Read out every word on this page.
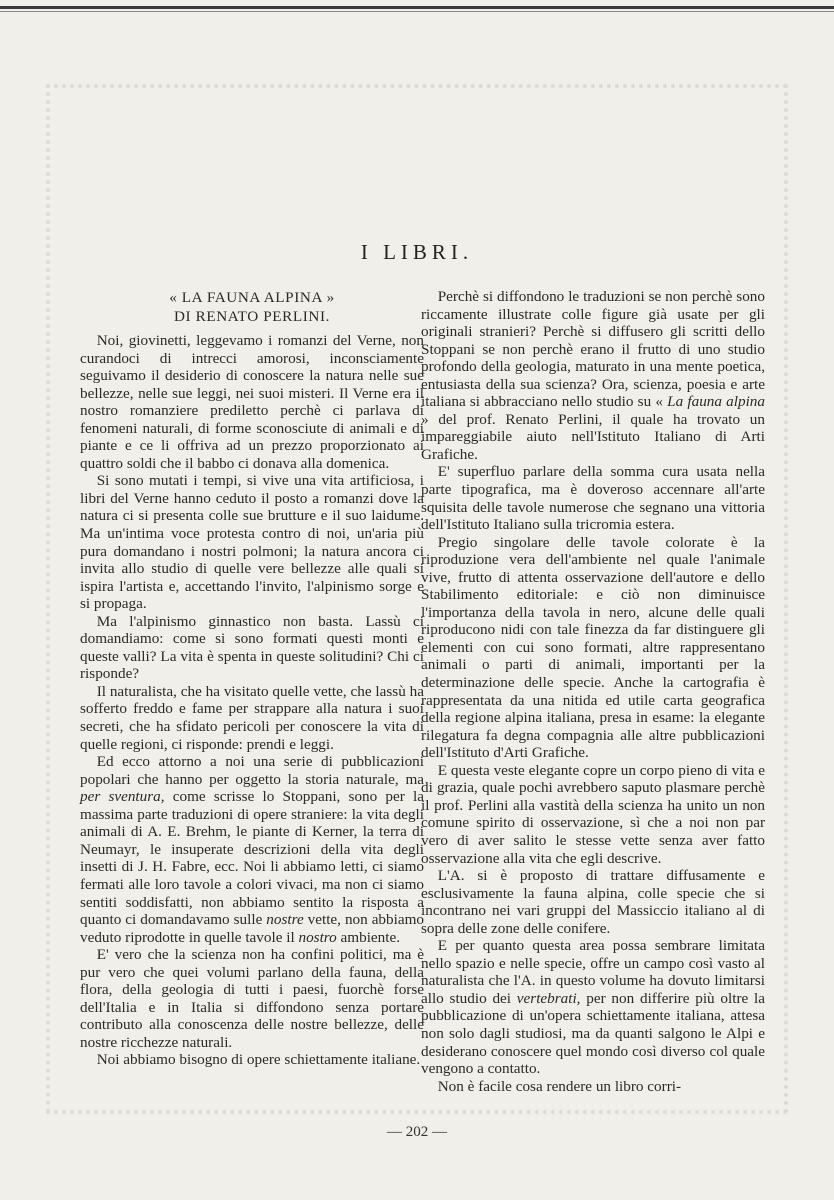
I LIBRI.
« LA FAUNA ALPINA »
DI RENATO PERLINI.

Noi, giovinetti, leggevamo i romanzi del Verne, non curandoci di intrecci amorosi, inconsciamente seguivamo il desiderio di conoscere la natura nelle sue bellezze, nelle sue leggi, nei suoi misteri. Il Verne era il nostro romanziere prediletto perchè ci parlava di fenomeni naturali, di forme sconosciute di animali e di piante e ce li offriva ad un prezzo proporzionato ai quattro soldi che il babbo ci donava alla domenica.

Si sono mutati i tempi, si vive una vita artificiosa, i libri del Verne hanno ceduto il posto a romanzi dove la natura ci si presenta colle sue brutture e il suo laidume. Ma un'intima voce protesta contro di noi, un'aria più pura domandano i nostri polmoni; la natura ancora ci invita allo studio di quelle vere bellezze alle quali si ispira l'artista e, accettando l'invito, l'alpinismo sorge e si propaga.

Ma l'alpinismo ginnastico non basta. Lassù ci domandiamo: come si sono formati questi monti e queste valli? La vita è spenta in queste solitudini? Chi ci risponde?

Il naturalista, che ha visitato quelle vette, che lassù ha sofferto freddo e fame per strappare alla natura i suoi secreti, che ha sfidato pericoli per conoscere la vita di quelle regioni, ci risponde: prendi e leggi.

Ed ecco attorno a noi una serie di pubblicazioni popolari che hanno per oggetto la storia naturale, ma per sventura, come scrisse lo Stoppani, sono per la massima parte traduzioni di opere straniere: la vita degli animali di A. E. Brehm, le piante di Kerner, la terra di Neumayr, le insuperate descrizioni della vita degli insetti di J. H. Fabre, ecc. Noi li abbiamo letti, ci siamo fermati alle loro tavole a colori vivaci, ma non ci siamo sentiti soddisfatti, non abbiamo sentito la risposta a quanto ci domandavamo sulle nostre vette, non abbiamo veduto riprodotte in quelle tavole il nostro ambiente.

E' vero che la scienza non ha confini politici, ma è pur vero che quei volumi parlano della fauna, della flora, della geologia di tutti i paesi, fuorchè forse dell'Italia e in Italia si diffondono senza portare contributo alla conoscenza delle nostre bellezze, delle nostre ricchezze naturali.

Noi abbiamo bisogno di opere schiettamente italiane.

Perchè si diffondono le traduzioni se non perchè sono riccamente illustrate colle figure già usate per gli originali stranieri? Perchè si diffusero gli scritti dello Stoppani se non perchè erano il frutto di uno studio profondo della geologia, maturato in una mente poetica, entusiasta della sua scienza? Ora, scienza, poesia e arte italiana si abbracciano nello studio su « La fauna alpina » del prof. Renato Perlini, il quale ha trovato un impareggiabile aiuto nell'Istituto Italiano di Arti Grafiche.

E' superfluo parlare della somma cura usata nella parte tipografica, ma è doveroso accennare all'arte squisita delle tavole numerose che segnano una vittoria dell'Istituto Italiano sulla tricromia estera.

Pregio singolare delle tavole colorate è la riproduzione vera dell'ambiente nel quale l'animale vive, frutto di attenta osservazione dell'autore e dello Stabilimento editoriale: e ciò non diminuisce l'importanza della tavola in nero, alcune delle quali riproducono nidi con tale finezza da far distinguere gli elementi con cui sono formati, altre rappresentano animali o parti di animali, importanti per la determinazione delle specie. Anche la cartografia è rappresentata da una nitida ed utile carta geografica della regione alpina italiana, presa in esame: la elegante rilegatura fa degna compagnia alle altre pubblicazioni dell'Istituto d'Arti Grafiche.

E questa veste elegante copre un corpo pieno di vita e di grazia, quale pochi avrebbero saputo plasmare perchè il prof. Perlini alla vastità della scienza ha unito un non comune spirito di osservazione, sì che a noi non par vero di aver salito le stesse vette senza aver fatto osservazione alla vita che egli descrive.

L'A. si è proposto di trattare diffusamente e esclusivamente la fauna alpina, colle specie che si incontrano nei vari gruppi del Massiccio italiano al di sopra delle zone delle conifere.

E per quanto questa area possa sembrare limitata nello spazio e nelle specie, offre un campo così vasto al naturalista che l'A. in questo volume ha dovuto limitarsi allo studio dei vertebrati, per non differire più oltre la pubblicazione di un'opera schiettamente italiana, attesa non solo dagli studiosi, ma da quanti salgono le Alpi e desiderano conoscere quel mondo così diverso col quale vengono a contatto.

Non è facile cosa rendere un libro corri-

— 202 —
